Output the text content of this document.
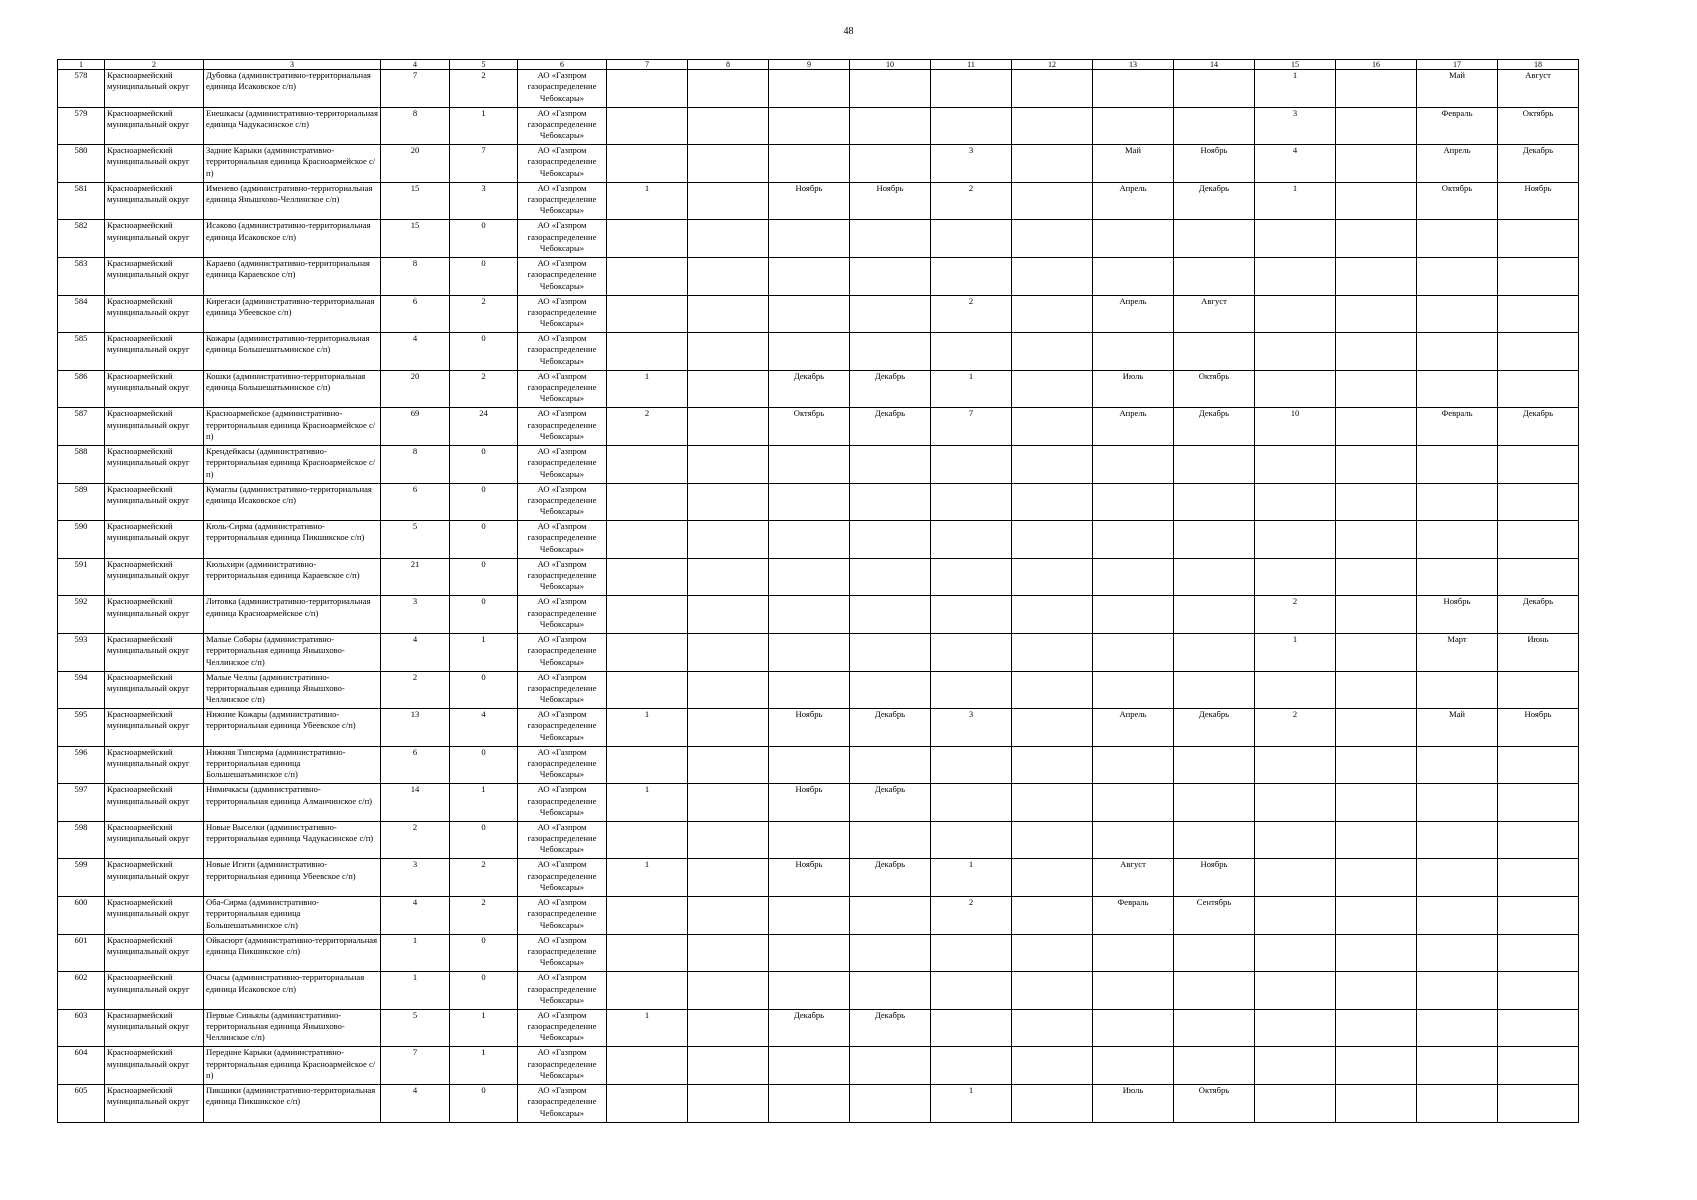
48
1	2	3	4	5	6	7	8	9	10	11	12	13	14	15	16	17	18

578	Красноармейский муниципальный округ	Дубовка (административно-территориальная единица Исаковское с/п)	7	2	АО «Газпром газораспределение Чебоксары»									1		Май	Август

579	Красноармейский муниципальный округ	Енешкасы (административно-территориальная единица Чадукасинское с/п)	8	1	АО «Газпром газораспределение Чебоксары»									3		Февраль	Октябрь

580	Красноармейский муниципальный округ	Задние Карыки (административно-территориальная единица Красноармейское с/п)	20	7	АО «Газпром газораспределение Чебоксары»					3		Май	Ноябрь	4		Апрель	Декабрь

581	Красноармейский муниципальный округ	Именево (административно-территориальная единица Янышхово-Челлинское с/п)	15	3	АО «Газпром газораспределение Чебоксары»	1		Ноябрь	Ноябрь	2		Апрель	Декабрь	1		Октябрь	Ноябрь

582	Красноармейский муниципальный округ	Исаково (административно-территориальная единица Исаковское с/п)	15	0	АО «Газпром газораспределение Чебоксары»												

583	Красноармейский муниципальный округ	Караево (административно-территориальная единица Караевское с/п)	8	0	АО «Газпром газораспределение Чебоксары»												

584	Красноармейский муниципальный округ	Кирегаси (административно-территориальная единица Убеевское с/п)	6	2	АО «Газпром газораспределение Чебоксары»					2		Апрель	Август				

585	Красноармейский муниципальный округ	Кожары (административно-территориальная единица Большешатьминское с/п)	4	0	АО «Газпром газораспределение Чебоксары»												

586	Красноармейский муниципальный округ	Кошки (административно-территориальная единица Большешатьминское с/п)	20	2	АО «Газпром газораспределение Чебоксары»	1		Декабрь	Декабрь	1		Июль	Октябрь				

587	Красноармейский муниципальный округ	Красноармейское (административно-территориальная единица Красноармейское с/п)	69	24	АО «Газпром газораспределение Чебоксары»	2		Октябрь	Декабрь	7		Апрель	Декабрь	10		Февраль	Декабрь

588	Красноармейский муниципальный округ	Крендейкасы (административно-территориальная единица Красноармейское с/п)	8	0	АО «Газпром газораспределение Чебоксары»												

589	Красноармейский муниципальный округ	Кумаглы (административно-территориальная единица Исаковское с/п)	6	0	АО «Газпром газораспределение Чебоксары»												

590	Красноармейский муниципальный округ	Кюль-Сирма (административно-территориальная единица Пикшикское с/п)	5	0	АО «Газпром газораспределение Чебоксары»												

591	Красноармейский муниципальный округ	Кюльхири (административно-территориальная единица Караевское с/п)	21	0	АО «Газпром газораспределение Чебоксары»												

592	Красноармейский муниципальный округ	Литовка (административно-территориальная единица Красноармейское с/п)	3	0	АО «Газпром газораспределение Чебоксары»									2		Ноябрь	Декабрь

593	Красноармейский муниципальный округ	Малые Собары (административно-территориальная единица Янышхово-Челлинское с/п)	4	1	АО «Газпром газораспределение Чебоксары»									1		Март	Июнь

594	Красноармейский муниципальный округ	Малые Челлы (административно-территориальная единица Янышхово-Челлинское с/п)	2	0	АО «Газпром газораспределение Чебоксары»												

595	Красноармейский муниципальный округ	Нижние Кожары (административно-территориальная единица Убеевское с/п)	13	4	АО «Газпром газораспределение Чебоксары»	1		Ноябрь	Декабрь	3		Апрель	Декабрь	2		Май	Ноябрь

596	Красноармейский муниципальный округ	Нижняя Типсирма (административно-территориальная единица Большешатьминское с/п)	6	0	АО «Газпром газораспределение Чебоксары»												

597	Красноармейский муниципальный округ	Нимичкасы (административно-территориальная единица Алманчинское с/п)	14	1	АО «Газпром газораспределение Чебоксары»	1		Ноябрь	Декабрь								

598	Красноармейский муниципальный округ	Новые Выселки (административно-территориальная единица Чадукасинское с/п)	2	0	АО «Газпром газораспределение Чебоксары»												

599	Красноармейский муниципальный округ	Новые Игити (административно-территориальная единица Убеевское с/п)	3	2	АО «Газпром газораспределение Чебоксары»	1		Ноябрь	Декабрь	1		Август	Ноябрь				

600	Красноармейский муниципальный округ	Оба-Сирма (административно-территориальная единица Большешатьминское с/п)	4	2	АО «Газпром газораспределение Чебоксары»					2		Февраль	Сентябрь				

601	Красноармейский муниципальный округ	Ойкасюрт (административно-территориальная единица Пикшикское с/п)	1	0	АО «Газпром газораспределение Чебоксары»												

602	Красноармейский муниципальный округ	Очасы (административно-территориальная единица Исаковское с/п)	1	0	АО «Газпром газораспределение Чебоксары»												

603	Красноармейский муниципальный округ	Первые Синьялы (административно-территориальная единица Янышхово-Челлинское с/п)	5	1	АО «Газпром газораспределение Чебоксары»	1		Декабрь	Декабрь								

604	Красноармейский муниципальный округ	Передние Карыки (административно-территориальная единица Красноармейское с/п)	7	1	АО «Газпром газораспределение Чебоксары»												

605	Красноармейский муниципальный округ	Пикшики (административно-территориальная единица Пикшикское с/п)	4	0	АО «Газпром газораспределение Чебоксары»					1		Июль	Октябрь				
